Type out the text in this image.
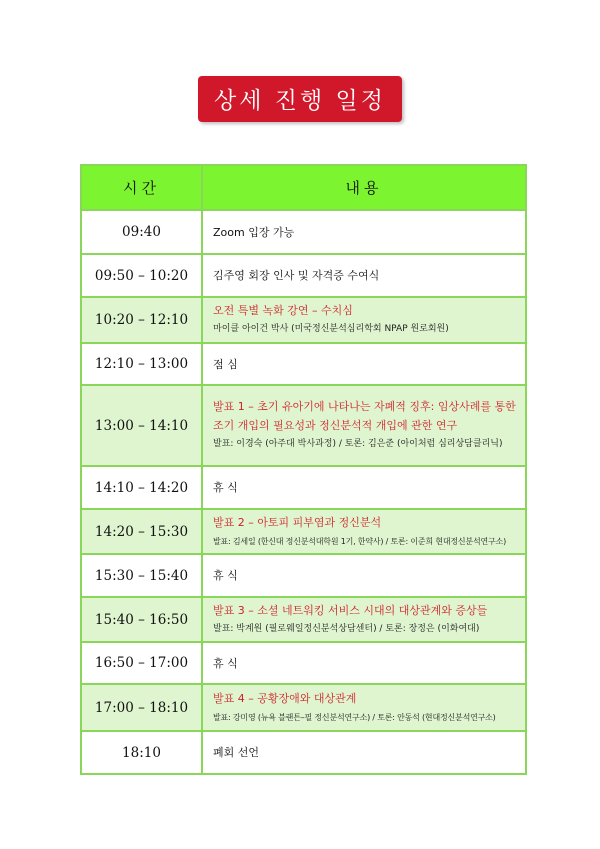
상세 진행 일정
시간	내용
09:40	Zoom 입장 가능

09:50 – 10:20	김주영 회장 인사 및 자격증 수여식

10:20 – 12:10	오전 특별 녹화 강연 – 수치심
마이클 아이건 박사 (미국정신분석심리학회 NPAP 원로회원)

12:10 – 13:00	점 심

13:00 – 14:10	발표 1 – 초기 유아기에 나타나는 자폐적 징후: 임상사례를 통한
조기 개입의 필요성과 정신분석적 개입에 관한 연구
발표: 이경숙 (아주대 박사과정) / 토론: 김은준 (아이처럼 심리상담클리닉)

14:10 – 14:20	휴 식

14:20 – 15:30	발표 2 – 아토피 피부염과 정신분석
발표: 김세일 (한신대 정신분석대학원 1기, 한약사) / 토론: 이준희 현대정신분석연구소)

15:30 – 15:40	휴 식

15:40 – 16:50	발표 3 – 소셜 네트워킹 서비스 시대의 대상관계와 증상들
발표: 박계원 (필로웨일정신분석상담센터) / 토론: 장정은 (이화여대)

16:50 – 17:00	휴 식

17:00 – 18:10	발표 4 – 공황장애와 대상관계
발표: 강미영 (뉴욕 블랜튼–필 정신분석연구소) / 토론: 안동석 (현대정신분석연구소)

18:10	폐회 선언
